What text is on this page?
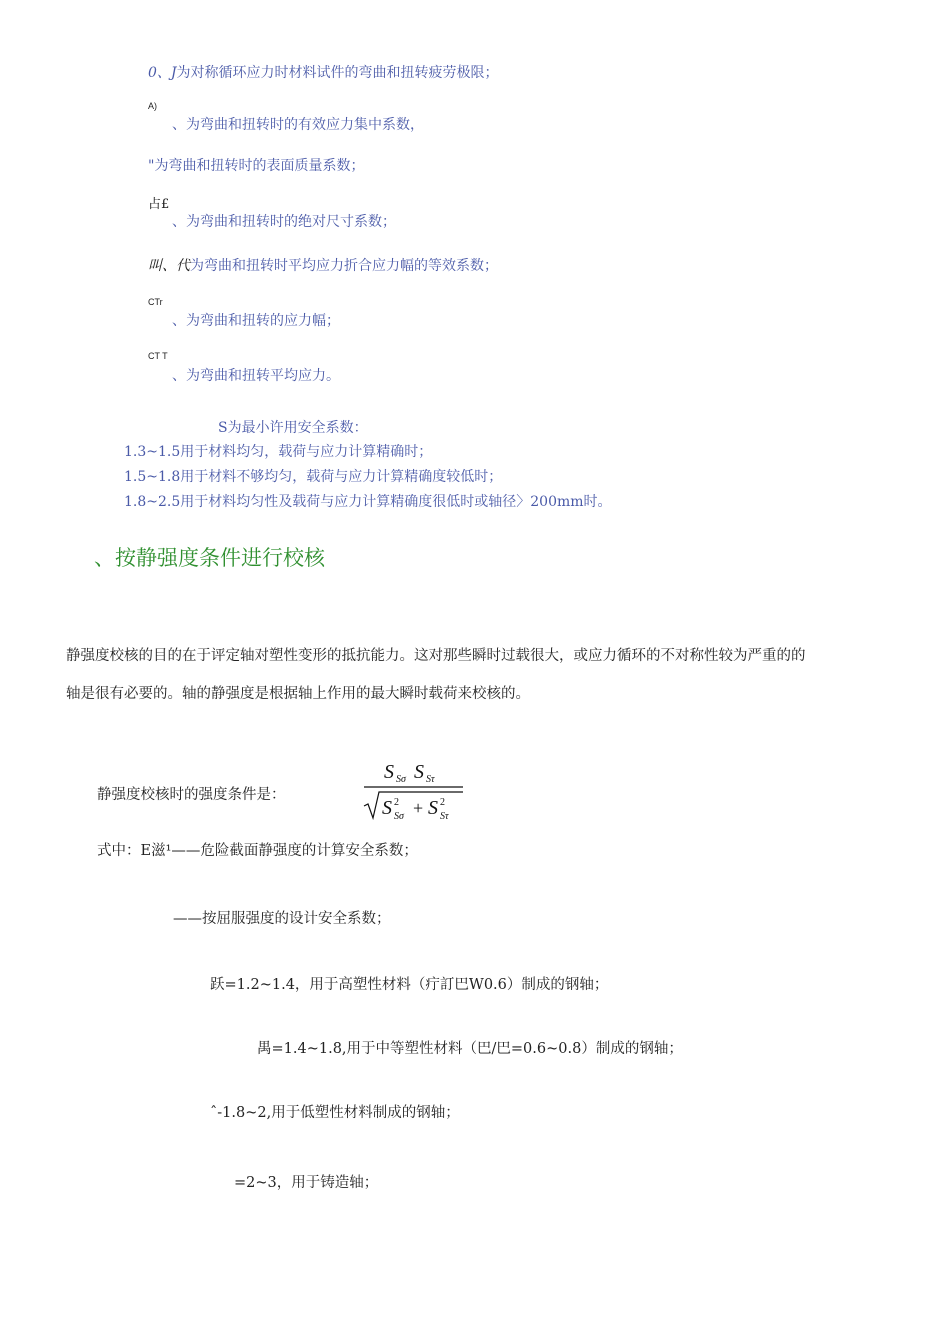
0、J为对称循环应力时材料试件的弯曲和扭转疲劳极限；
A)
、为弯曲和扭转时的有效应力集中系数，
"为弯曲和扭转时的表面质量系数；
占£
、为弯曲和扭转时的绝对尺寸系数；
叫、代为弯曲和扭转时平均应力折合应力幅的等效系数；
CTr
、为弯曲和扭转的应力幅；
CT T
、为弯曲和扭转平均应力。
S为最小许用安全系数：
1.3~1.5用于材料均匀，载荷与应力计算精确时；
1.5~1.8用于材料不够均匀，载荷与应力计算精确度较低时；
1.8~2.5用于材料均匀性及载荷与应力计算精确度很低时或轴径〉200mm时。
、按静强度条件进行校核
静强度校核的目的在于评定轴对塑性变形的抵抗能力。这对那些瞬时过载很大，或应力循环的不对称性较为严重的的
轴是很有必要的。轴的静强度是根据轴上作用的最大瞬时载荷来校核的。
静强度校核时的强度条件是：
S Sσ S Sτ
S 2
Sσ + S 2
Sτ
式中：E滋¹——危险截面静强度的计算安全系数；
——按屈服强度的设计安全系数；
跃=1.2~1.4，用于高塑性材料（疔訂巴W0.6）制成的钢轴；
禺=1.4~1.8,用于中等塑性材料（巴/巴=0.6~0.8）制成的钢轴；
ˆ-1.8~2,用于低塑性材料制成的钢轴；
=2~3，用于铸造轴；
